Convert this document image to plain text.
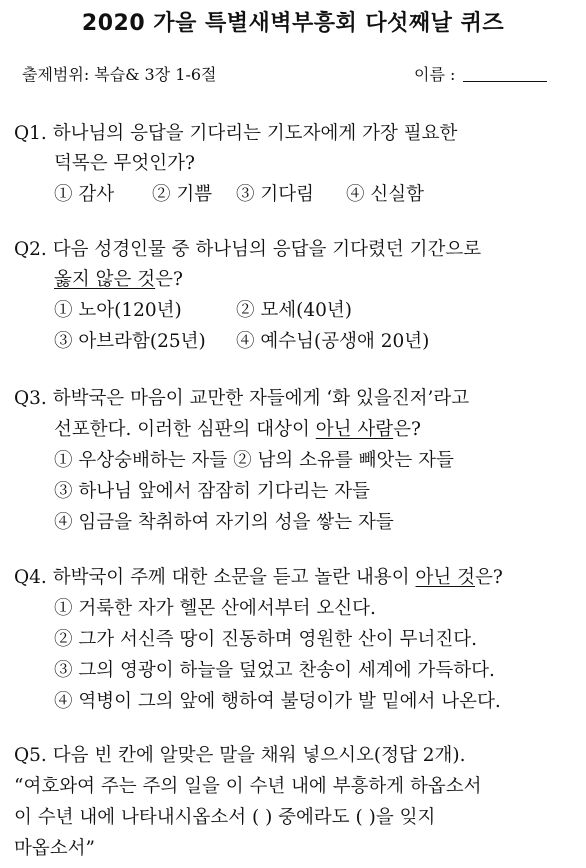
2020 가을 특별새벽부흥회 다섯째날 퀴즈
출제범위: 복습& 3장 1-6절	이름 :
Q1. 하나님의 응답을 기다리는 기도자에게 가장 필요한
덕목은 무엇인가?
① 감사 ② 기쁨 ③ 기다림 ④ 신실함
Q2. 다음 성경인물 중 하나님의 응답을 기다렸던 기간으로
옳지 않은 것은?
① 노아(120년)	② 모세(40년)
③ 아브라함(25년) ④ 예수님(공생애 20년)
Q3. 하박국은 마음이 교만한 자들에게 ‘화 있을진저’라고
선포한다. 이러한 심판의 대상이 아닌 사람은?
① 우상숭배하는 자들 ② 남의 소유를 빼앗는 자들
③ 하나님 앞에서 잠잠히 기다리는 자들
④ 임금을 착취하여 자기의 성을 쌓는 자들
Q4. 하박국이 주께 대한 소문을 듣고 놀란 내용이 아닌 것은?
① 거룩한 자가 헬몬 산에서부터 오신다.
② 그가 서신즉 땅이 진동하며 영원한 산이 무너진다.
③ 그의 영광이 하늘을 덮었고 찬송이 세계에 가득하다.
④ 역병이 그의 앞에 행하여 불덩이가 발 밑에서 나온다.
Q5. 다음 빈 칸에 알맞은 말을 채워 넣으시오(정답 2개).
“여호와여 주는 주의 일을 이 수년 내에 부흥하게 하옵소서
이 수년 내에 나타내시옵소서 ( ) 중에라도 ( )을 잊지
마옵소서”
